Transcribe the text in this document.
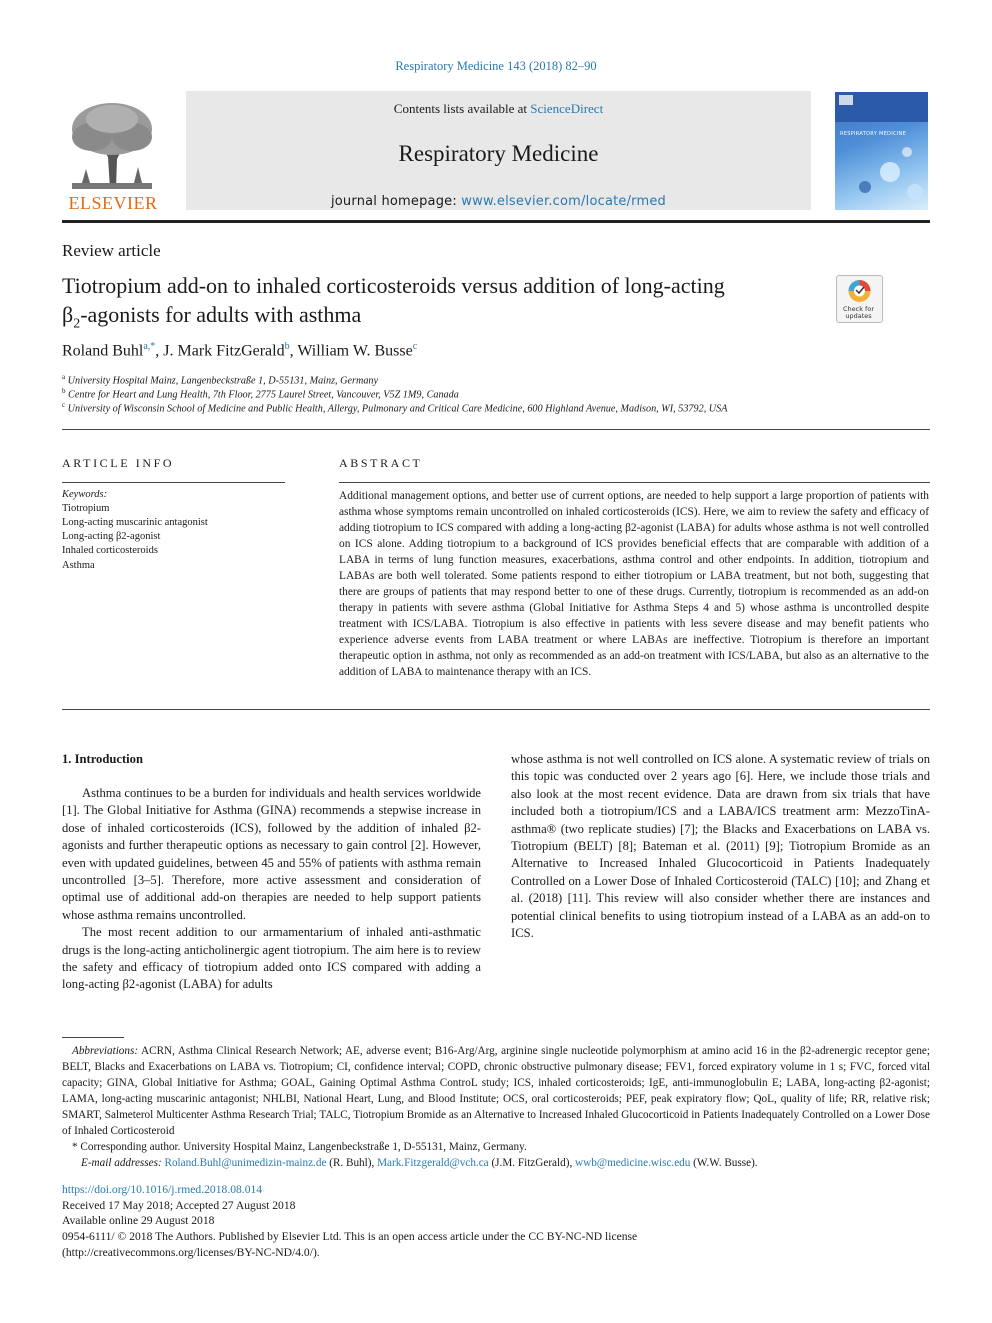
Respiratory Medicine 143 (2018) 82–90
ELSEVIER
Contents lists available at ScienceDirect
Respiratory Medicine
journal homepage: www.elsevier.com/locate/rmed
RESPIRATORY MEDICINE
Review article
Tiotropium add-on to inhaled corticosteroids versus addition of long-acting
$\beta_2$-agonists for adults with asthma	Check for
updates
Roland Buhl$^{a,*}$, J. Mark FitzGerald$^b$, William W. Busse$^c$
$^a$ University Hospital Mainz, Langenbeckstraße 1, D-55131, Mainz, Germany
$^b$ Centre for Heart and Lung Health, 7th Floor, 2775 Laurel Street, Vancouver, V5Z 1M9, Canada
$^c$ University of Wisconsin School of Medicine and Public Health, Allergy, Pulmonary and Critical Care Medicine, 600 Highland Avenue, Madison, WI, 53792, USA
ARTICLE INFO
Keywords:
Tiotropium
Long-acting muscarinic antagonist
Long-acting β2-agonist
Inhaled corticosteroids
Asthma
ABSTRACT
Additional management options, and better use of current options, are needed to help support a large proportion of patients with asthma whose symptoms remain uncontrolled on inhaled corticosteroids (ICS). Here, we aim to review the safety and efficacy of adding tiotropium to ICS compared with adding a long-acting β2-agonist (LABA) for adults whose asthma is not well controlled on ICS alone. Adding tiotropium to a background of ICS provides beneficial effects that are comparable with addition of a LABA in terms of lung function measures, exacerbations, asthma control and other endpoints. In addition, tiotropium and LABAs are both well tolerated. Some patients respond to either tiotropium or LABA treatment, but not both, suggesting that there are groups of patients that may respond better to one of these drugs. Currently, tiotropium is recommended as an add-on therapy in patients with severe asthma (Global Initiative for Asthma Steps 4 and 5) whose asthma is uncontrolled despite treatment with ICS/LABA. Tiotropium is also effective in patients with less severe disease and may benefit patients who experience adverse events from LABA treatment or where LABAs are ineffective. Tiotropium is therefore an important therapeutic option in asthma, not only as recommended as an add-on treatment with ICS/LABA, but also as an alternative to the addition of LABA to maintenance therapy with an ICS.
1. Introduction

Asthma continues to be a burden for individuals and health services worldwide [1]. The Global Initiative for Asthma (GINA) recommends a stepwise increase in dose of inhaled corticosteroids (ICS), followed by the addition of inhaled β2-agonists and further therapeutic options as necessary to gain control [2]. However, even with updated guidelines, between 45 and 55% of patients with asthma remain uncontrolled [3–5]. Therefore, more active assessment and consideration of optimal use of additional add-on therapies are needed to help support patients whose asthma remains uncontrolled.

The most recent addition to our armamentarium of inhaled anti-asthmatic drugs is the long-acting anticholinergic agent tiotropium. The aim here is to review the safety and efficacy of tiotropium added onto ICS compared with adding a long-acting β2-agonist (LABA) for adults

whose asthma is not well controlled on ICS alone. A systematic review of trials on this topic was conducted over 2 years ago [6]. Here, we include those trials and also look at the most recent evidence. Data are drawn from six trials that have included both a tiotropium/ICS and a LABA/ICS treatment arm: MezzoTinA-asthma® (two replicate studies) [7]; the Blacks and Exacerbations on LABA vs. Tiotropium (BELT) [8]; Bateman et al. (2011) [9]; Tiotropium Bromide as an Alternative to Increased Inhaled Glucocorticoid in Patients Inadequately Controlled on a Lower Dose of Inhaled Corticosteroid (TALC) [10]; and Zhang et al. (2018) [11]. This review will also consider whether there are instances and potential clinical benefits to using tiotropium instead of a LABA as an add-on to ICS.

Abbreviations: ACRN, Asthma Clinical Research Network; AE, adverse event; B16-Arg/Arg, arginine single nucleotide polymorphism at amino acid 16 in the β2-adrenergic receptor gene; BELT, Blacks and Exacerbations on LABA vs. Tiotropium; CI, confidence interval; COPD, chronic obstructive pulmonary disease; FEV1, forced expiratory volume in 1 s; FVC, forced vital capacity; GINA, Global Initiative for Asthma; GOAL, Gaining Optimal Asthma ControL study; ICS, inhaled corticosteroids; IgE, anti-immunoglobulin E; LABA, long-acting β2-agonist; LAMA, long-acting muscarinic antagonist; NHLBI, National Heart, Lung, and Blood Institute; OCS, oral corticosteroids; PEF, peak expiratory flow; QoL, quality of life; RR, relative risk; SMART, Salmeterol Multicenter Asthma Research Trial; TALC, Tiotropium Bromide as an Alternative to Increased Inhaled Glucocorticoid in Patients Inadequately Controlled on a Lower Dose of Inhaled Corticosteroid
* Corresponding author. University Hospital Mainz, Langenbeckstraße 1, D-55131, Mainz, Germany.
E-mail addresses: Roland.Buhl@unimedizin-mainz.de (R. Buhl), Mark.Fitzgerald@vch.ca (J.M. FitzGerald), wwb@medicine.wisc.edu (W.W. Busse).
https://doi.org/10.1016/j.rmed.2018.08.014
Received 17 May 2018; Accepted 27 August 2018
Available online 29 August 2018
0954-6111/ © 2018 The Authors. Published by Elsevier Ltd. This is an open access article under the CC BY-NC-ND license
(http://creativecommons.org/licenses/BY-NC-ND/4.0/).
